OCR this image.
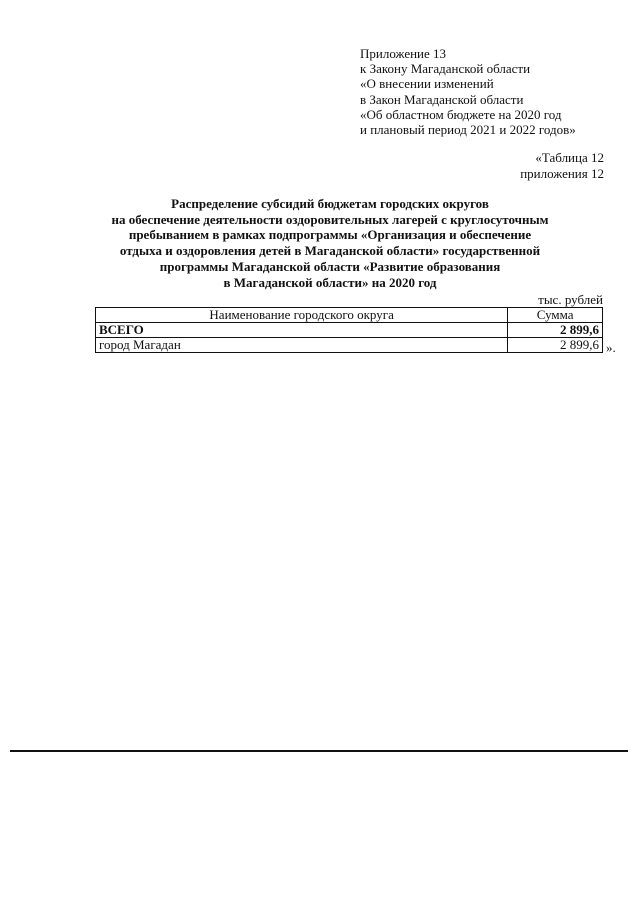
Приложение 13
к Закону Магаданской области
«О внесении изменений
в Закон Магаданской области
«Об областном бюджете на 2020 год
и плановый период 2021 и 2022 годов»
«Таблица 12
приложения 12
Распределение субсидий бюджетам городских округов
на обеспечение деятельности оздоровительных лагерей с круглосуточным
пребыванием в рамках подпрограммы «Организация и обеспечение
отдыха и оздоровления детей в Магаданской области» государственной
программы Магаданской области «Развитие образования
в Магаданской области» на 2020 год
тыс. рублей
Наименование городского округа	Сумма
ВСЕГО	2 899,6
город Магадан	2 899,6 ».
